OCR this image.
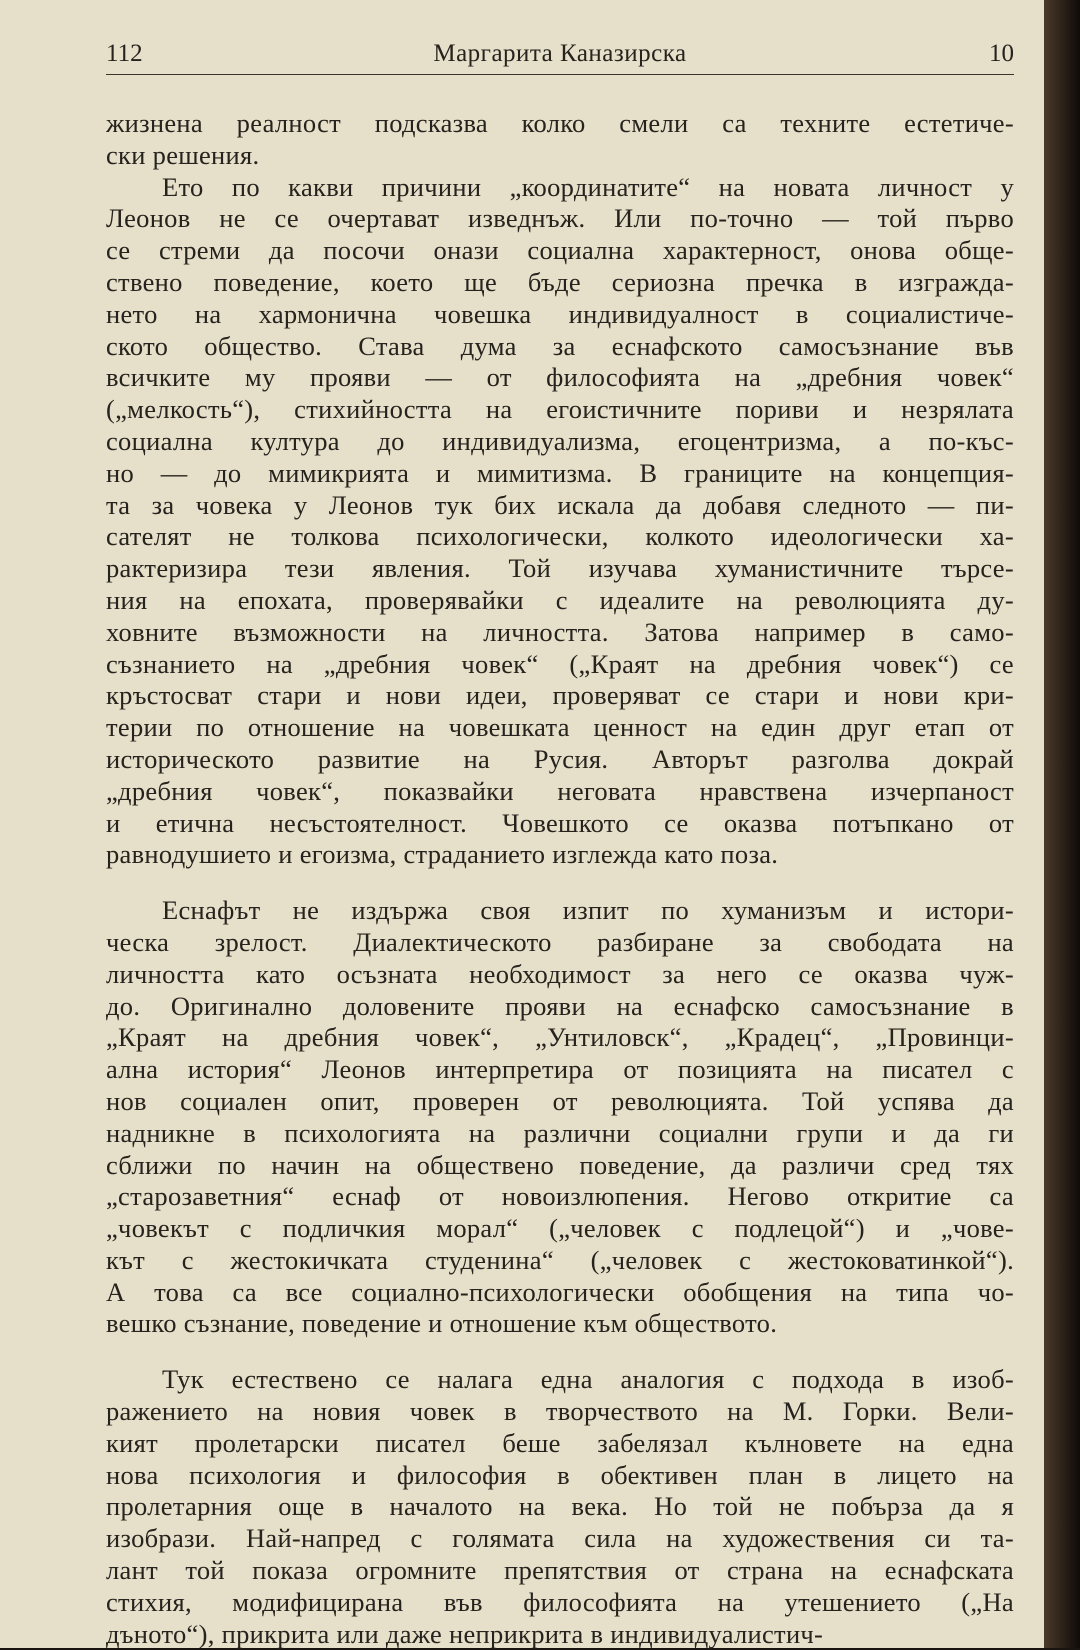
112	Маргарита Каназирска	10
жизнена реалност подсказва колко смели са техните естетиче-
ски решения.
Ето по какви причини „координатите“ на новата личност у
Леонов не се очертават изведнъж. Или по-точно — той първо
се стреми да посочи онази социална характерност, онова обще-
ствено поведение, което ще бъде сериозна пречка в изгражда-
нето на хармонична човешка индивидуалност в социалистиче-
ското общество. Става дума за еснафското самосъзнание във
всичките му прояви — от философията на „дребния човек“
(„мелкость“), стихийността на егоистичните пориви и незрялата
социална култура до индивидуализма, егоцентризма, а по-къс-
но — до мимикрията и мимитизма. В границите на концепция-
та за човека у Леонов тук бих искала да добавя следното — пи-
сателят не толкова психологически, колкото идеологически ха-
рактеризира тези явления. Той изучава хуманистичните търсе-
ния на епохата, проверявайки с идеалите на революцията ду-
ховните възможности на личността. Затова например в само-
съзнанието на „дребния човек“ („Краят на дребния човек“) се
кръстосват стари и нови идеи, проверяват се стари и нови кри-
терии по отношение на човешката ценност на един друг етап от
историческото развитие на Русия. Авторът разголва докрай
„дребния човек“, показвайки неговата нравствена изчерпаност
и етична несъстоятелност. Човешкото се оказва потъпкано от
равнодушието и егоизма, страданието изглежда като поза.
Еснафът не издържа своя изпит по хуманизъм и истори-
ческа зрелост. Диалектическото разбиране за свободата на
личността като осъзната необходимост за него се оказва чуж-
до. Оригинално доловените прояви на еснафско самосъзнание в
„Краят на дребния човек“, „Унтиловск“, „Крадец“, „Провинци-
ална история“ Леонов интерпретира от позицията на писател с
нов социален опит, проверен от революцията. Той успява да
надникне в психологията на различни социални групи и да ги
сближи по начин на обществено поведение, да различи сред тях
„старозаветния“ еснаф от новоизлюпения. Негово откритие са
„човекът с подличкия морал“ („человек с подлецой“) и „чове-
кът с жестокичката студенина“ („человек с жестоковатинкой“).
А това са все социално-психологически обобщения на типа чо-
вешко съзнание, поведение и отношение към обществото.
Тук естествено се налага една аналогия с подхода в изоб-
ражението на новия човек в творчеството на М. Горки. Вели-
кият пролетарски писател беше забелязал кълновете на една
нова психология и философия в обективен план в лицето на
пролетарния още в началото на века. Но той не побърза да я
изобрази. Най-напред с голямата сила на художествения си та-
лант той показа огромните препятствия от страна на еснафската
стихия, модифицирана във философията на утешението („На
дъното“), прикрита или даже неприкрита в индивидуалистич-
